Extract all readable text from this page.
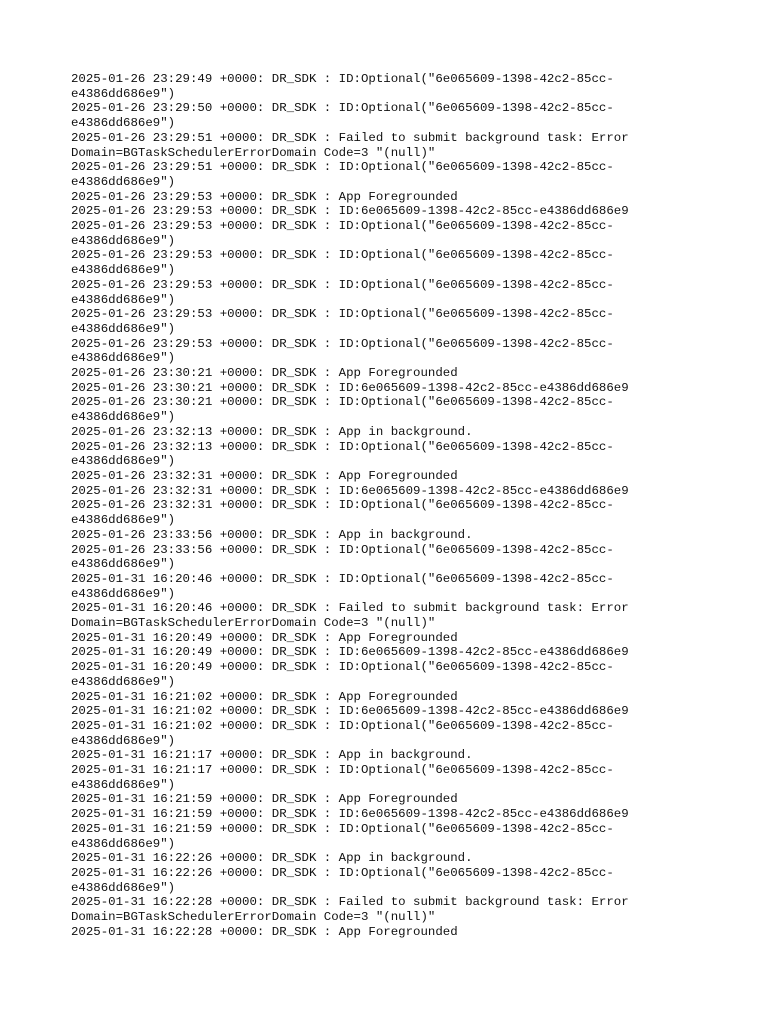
2025-01-26 23:29:49 +0000: DR_SDK : ID:Optional("6e065609-1398-42c2-85cc-
e4386dd686e9")
2025-01-26 23:29:50 +0000: DR_SDK : ID:Optional("6e065609-1398-42c2-85cc-
e4386dd686e9")
2025-01-26 23:29:51 +0000: DR_SDK : Failed to submit background task: Error
Domain=BGTaskSchedulerErrorDomain Code=3 "(null)"
2025-01-26 23:29:51 +0000: DR_SDK : ID:Optional("6e065609-1398-42c2-85cc-
e4386dd686e9")
2025-01-26 23:29:53 +0000: DR_SDK : App Foregrounded
2025-01-26 23:29:53 +0000: DR_SDK : ID:6e065609-1398-42c2-85cc-e4386dd686e9
2025-01-26 23:29:53 +0000: DR_SDK : ID:Optional("6e065609-1398-42c2-85cc-
e4386dd686e9")
2025-01-26 23:29:53 +0000: DR_SDK : ID:Optional("6e065609-1398-42c2-85cc-
e4386dd686e9")
2025-01-26 23:29:53 +0000: DR_SDK : ID:Optional("6e065609-1398-42c2-85cc-
e4386dd686e9")
2025-01-26 23:29:53 +0000: DR_SDK : ID:Optional("6e065609-1398-42c2-85cc-
e4386dd686e9")
2025-01-26 23:29:53 +0000: DR_SDK : ID:Optional("6e065609-1398-42c2-85cc-
e4386dd686e9")
2025-01-26 23:30:21 +0000: DR_SDK : App Foregrounded
2025-01-26 23:30:21 +0000: DR_SDK : ID:6e065609-1398-42c2-85cc-e4386dd686e9
2025-01-26 23:30:21 +0000: DR_SDK : ID:Optional("6e065609-1398-42c2-85cc-
e4386dd686e9")
2025-01-26 23:32:13 +0000: DR_SDK : App in background.
2025-01-26 23:32:13 +0000: DR_SDK : ID:Optional("6e065609-1398-42c2-85cc-
e4386dd686e9")
2025-01-26 23:32:31 +0000: DR_SDK : App Foregrounded
2025-01-26 23:32:31 +0000: DR_SDK : ID:6e065609-1398-42c2-85cc-e4386dd686e9
2025-01-26 23:32:31 +0000: DR_SDK : ID:Optional("6e065609-1398-42c2-85cc-
e4386dd686e9")
2025-01-26 23:33:56 +0000: DR_SDK : App in background.
2025-01-26 23:33:56 +0000: DR_SDK : ID:Optional("6e065609-1398-42c2-85cc-
e4386dd686e9")
2025-01-31 16:20:46 +0000: DR_SDK : ID:Optional("6e065609-1398-42c2-85cc-
e4386dd686e9")
2025-01-31 16:20:46 +0000: DR_SDK : Failed to submit background task: Error
Domain=BGTaskSchedulerErrorDomain Code=3 "(null)"
2025-01-31 16:20:49 +0000: DR_SDK : App Foregrounded
2025-01-31 16:20:49 +0000: DR_SDK : ID:6e065609-1398-42c2-85cc-e4386dd686e9
2025-01-31 16:20:49 +0000: DR_SDK : ID:Optional("6e065609-1398-42c2-85cc-
e4386dd686e9")
2025-01-31 16:21:02 +0000: DR_SDK : App Foregrounded
2025-01-31 16:21:02 +0000: DR_SDK : ID:6e065609-1398-42c2-85cc-e4386dd686e9
2025-01-31 16:21:02 +0000: DR_SDK : ID:Optional("6e065609-1398-42c2-85cc-
e4386dd686e9")
2025-01-31 16:21:17 +0000: DR_SDK : App in background.
2025-01-31 16:21:17 +0000: DR_SDK : ID:Optional("6e065609-1398-42c2-85cc-
e4386dd686e9")
2025-01-31 16:21:59 +0000: DR_SDK : App Foregrounded
2025-01-31 16:21:59 +0000: DR_SDK : ID:6e065609-1398-42c2-85cc-e4386dd686e9
2025-01-31 16:21:59 +0000: DR_SDK : ID:Optional("6e065609-1398-42c2-85cc-
e4386dd686e9")
2025-01-31 16:22:26 +0000: DR_SDK : App in background.
2025-01-31 16:22:26 +0000: DR_SDK : ID:Optional("6e065609-1398-42c2-85cc-
e4386dd686e9")
2025-01-31 16:22:28 +0000: DR_SDK : Failed to submit background task: Error
Domain=BGTaskSchedulerErrorDomain Code=3 "(null)"
2025-01-31 16:22:28 +0000: DR_SDK : App Foregrounded
